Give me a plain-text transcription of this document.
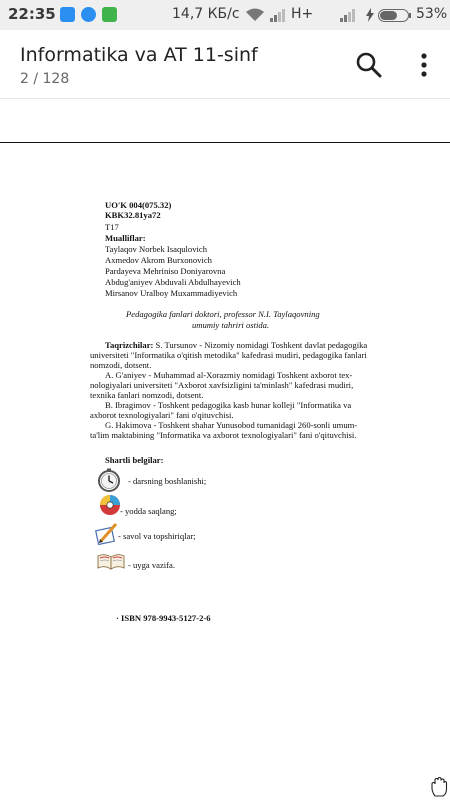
22:35	14,7 КБ/с	H+	53%
Informatika va AT 11-sinf
2 / 128
UO'K 004(075.32)
KBK32.81ya72
T17
Mualliflar:
Taylaqov Norbek Isaqulovich
Axmedov Akrom Burxonovich
Pardayeva Mehriniso Doniyarovna
Abdug'aniyev Abduvali Abdulhayevich
Mirsanov Uralboy Muxammadiyevich
Pedagogika fanlari doktori, professor N.I. Taylaqovning
umumiy tahriri ostida.
Taqrizchilar: S. Tursunov - Nizomiy nomidagi Toshkent davlat pedagogika
universiteti "Informatika o'qitish metodika" kafedrasi mudiri, pedagogika fanlari
nomzodi, dotsent.
A. G'aniyev - Muhammad al-Xorazmiy nomidagi Toshkent axborot tex-
nologiyalari universiteti "Axborot xavfsizligini ta'minlash" kafedrasi mudiri,
texnika fanlari nomzodi, dotsent.
B. Ibragimov - Toshkent pedagogika kasb hunar kolleji "Informatika va
axborot texnologiyalari" fani o'qituvchisi.
G. Hakimova - Toshkent shahar Yunusobod tumanidagi 260-sonli umum-
ta'lim maktabining "Informatika va axborot texnologiyalari" fani o'qituvchisi.
Shartli belgilar:
- darsning boshlanishi;
- yodda saqlang;
- savol va topshiriqlar;
- uyga vazifa.
· ISBN 978-9943-5127-2-6
